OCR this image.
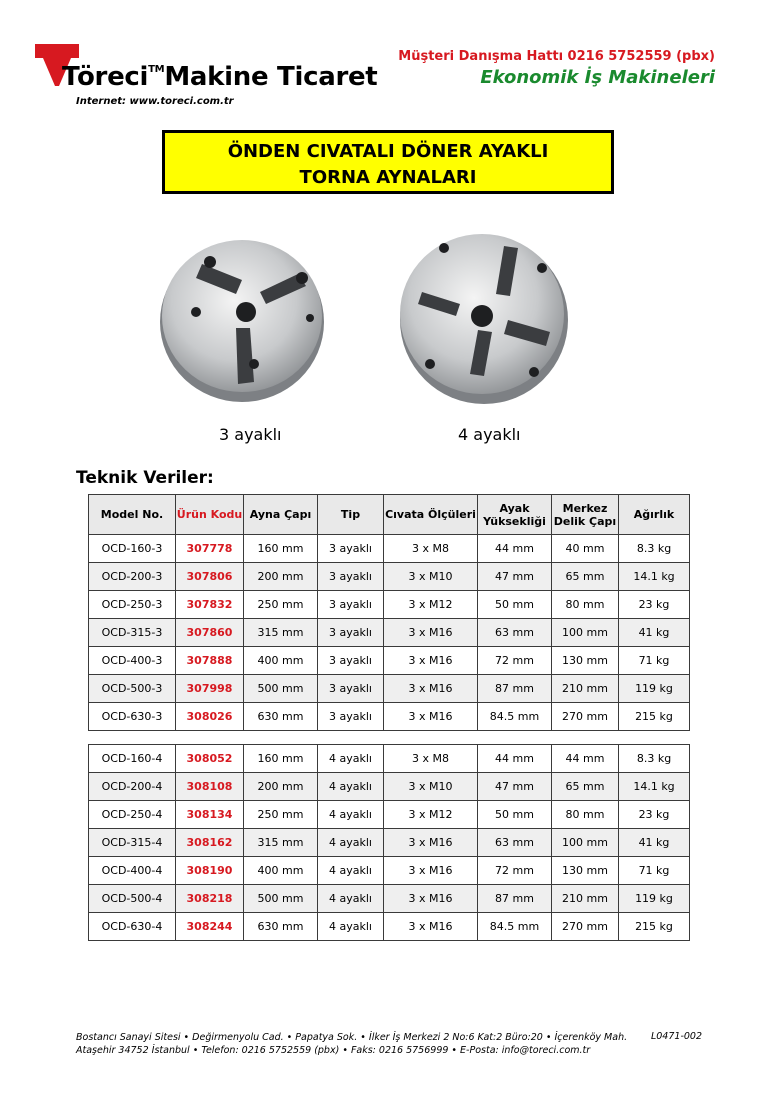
Töreci™Makine Ticaret
Internet: www.toreci.com.tr
Müşteri Danışma Hattı 0216 5752559 (pbx)
Ekonomik İş Makineleri
ÖNDEN CIVATALI DÖNER AYAKLI
TORNA AYNALARI
3 ayaklı	4 ayaklı
Teknik Veriler:
Model No.	Ürün Kodu	Ayna Çapı	Tip	Cıvata Ölçüleri	Ayak Yüksekliği	Merkez Delik Çapı	Ağırlık
OCD-160-3	307778	160 mm	3 ayaklı	3 x M8	44 mm	40 mm	8.3 kg
OCD-200-3	307806	200 mm	3 ayaklı	3 x M10	47 mm	65 mm	14.1 kg
OCD-250-3	307832	250 mm	3 ayaklı	3 x M12	50 mm	80 mm	23 kg
OCD-315-3	307860	315 mm	3 ayaklı	3 x M16	63 mm	100 mm	41 kg
OCD-400-3	307888	400 mm	3 ayaklı	3 x M16	72 mm	130 mm	71 kg
OCD-500-3	307998	500 mm	3 ayaklı	3 x M16	87 mm	210 mm	119 kg
OCD-630-3	308026	630 mm	3 ayaklı	3 x M16	84.5 mm	270 mm	215 kg
OCD-160-4	308052	160 mm	4 ayaklı	3 x M8	44 mm	44 mm	8.3 kg
OCD-200-4	308108	200 mm	4 ayaklı	3 x M10	47 mm	65 mm	14.1 kg
OCD-250-4	308134	250 mm	4 ayaklı	3 x M12	50 mm	80 mm	23 kg
OCD-315-4	308162	315 mm	4 ayaklı	3 x M16	63 mm	100 mm	41 kg
OCD-400-4	308190	400 mm	4 ayaklı	3 x M16	72 mm	130 mm	71 kg
OCD-500-4	308218	500 mm	4 ayaklı	3 x M16	87 mm	210 mm	119 kg
OCD-630-4	308244	630 mm	4 ayaklı	3 x M16	84.5 mm	270 mm	215 kg
Bostancı Sanayi Sitesi • Değirmenyolu Cad. • Papatya Sok. • İlker İş Merkezi 2 No:6 Kat:2 Büro:20 • İçerenköy Mah.
Ataşehir 34752 İstanbul • Telefon: 0216 5752559 (pbx) • Faks: 0216 5756999 • E-Posta: info@toreci.com.tr
L0471-002
